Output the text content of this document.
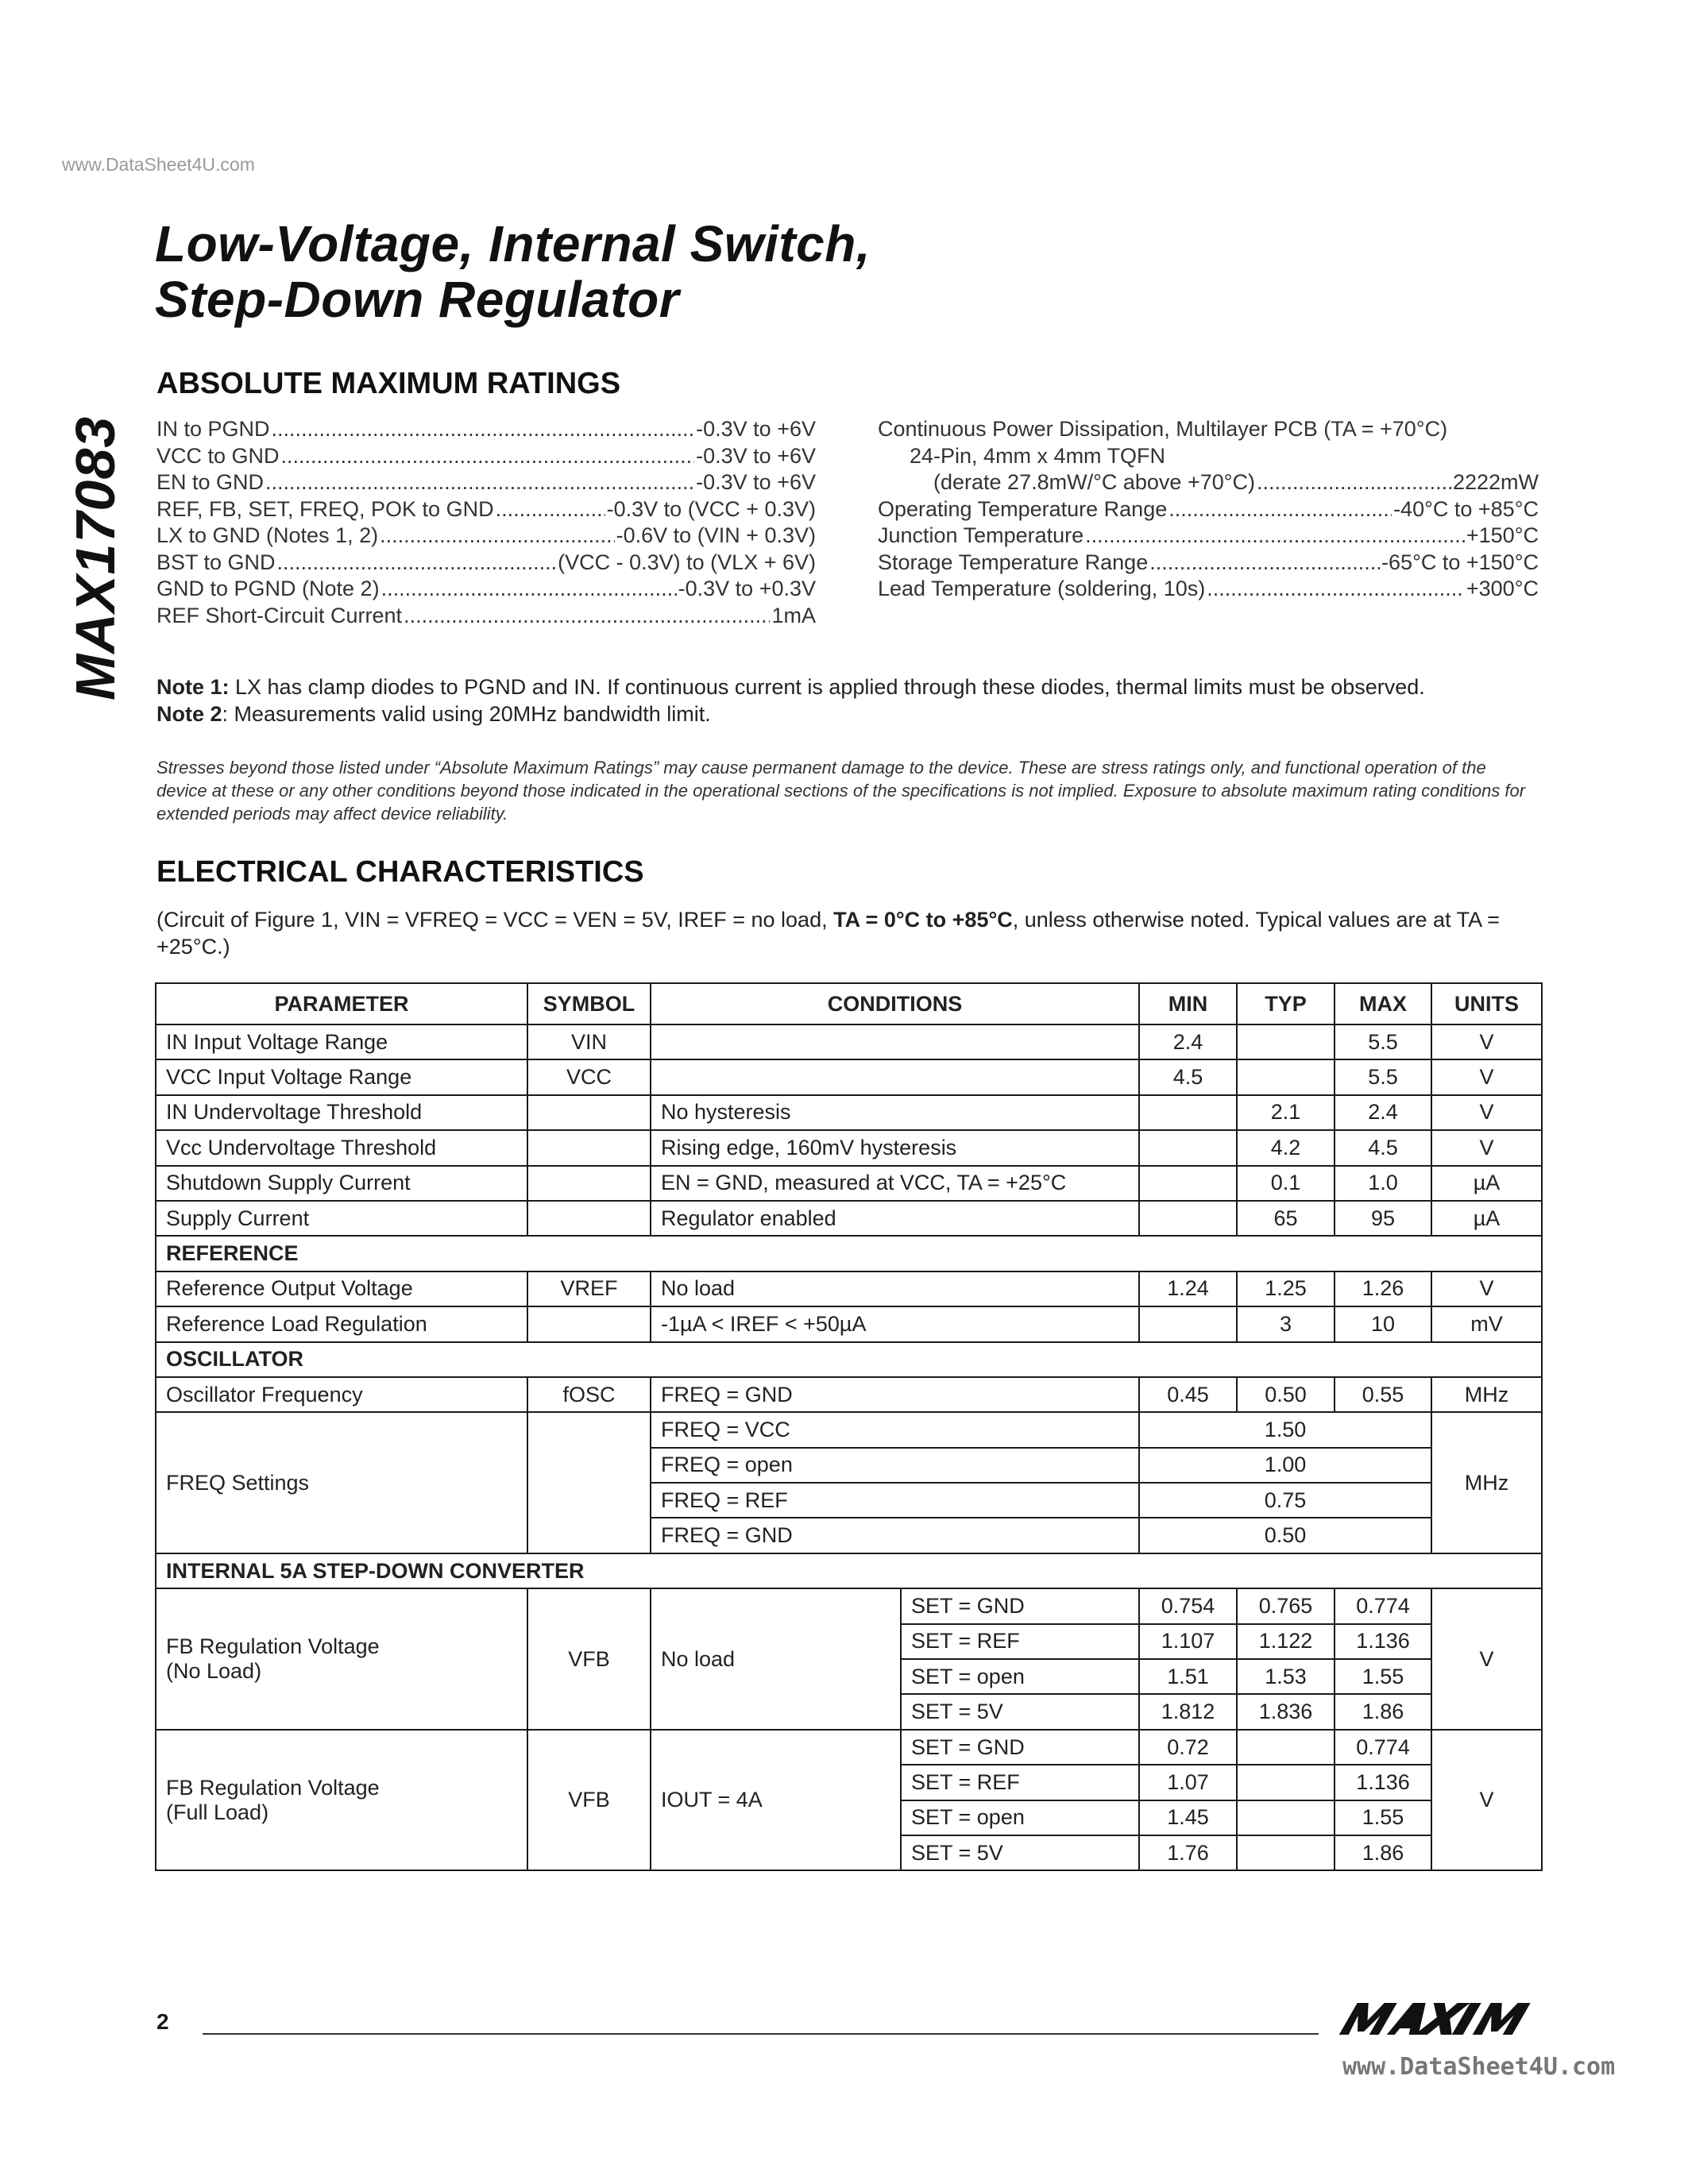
www.DataSheet4U.com
Low-Voltage, Internal Switch,
Step-Down Regulator
MAX17083
ABSOLUTE MAXIMUM RATINGS
IN to PGND .....	-0.3V to +6V
VCC to GND .....	-0.3V to +6V
EN to GND .....	-0.3V to +6V
REF, FB, SET, FREQ, POK to GND .....	-0.3V to (VCC + 0.3V)
LX to GND (Notes 1, 2) .....	-0.6V to (VIN + 0.3V)
BST to GND .....	(VCC - 0.3V) to (VLX + 6V)
GND to PGND (Note 2) .....	-0.3V to +0.3V
REF Short-Circuit Current .....	1mA
Continuous Power Dissipation, Multilayer PCB (TA = +70°C)
24-Pin, 4mm x 4mm TQFN
(derate 27.8mW/°C above +70°C) .....	2222mW
Operating Temperature Range .....	-40°C to +85°C
Junction Temperature .....	+150°C
Storage Temperature Range .....	-65°C to +150°C
Lead Temperature (soldering, 10s) .....	+300°C
Note 1: LX has clamp diodes to PGND and IN. If continuous current is applied through these diodes, thermal limits must be observed.
Note 2: Measurements valid using 20MHz bandwidth limit.
Stresses beyond those listed under “Absolute Maximum Ratings” may cause permanent damage to the device. These are stress ratings only, and functional operation of the device at these or any other conditions beyond those indicated in the operational sections of the specifications is not implied. Exposure to absolute maximum rating conditions for extended periods may affect device reliability.
ELECTRICAL CHARACTERISTICS
(Circuit of Figure 1, VIN = VFREQ = VCC = VEN = 5V, IREF = no load, TA = 0°C to +85°C, unless otherwise noted. Typical values are at TA = +25°C.)
PARAMETER	SYMBOL	CONDITIONS		MIN	TYP	MAX	UNITS
IN Input Voltage Range	VIN			2.4		5.5	V
VCC Input Voltage Range	VCC			4.5		5.5	V
IN Undervoltage Threshold		No hysteresis			2.1	2.4	V
Vcc Undervoltage Threshold		Rising edge, 160mV hysteresis			4.2	4.5	V
Shutdown Supply Current		EN = GND, measured at VCC, TA = +25°C			0.1	1.0	µA
Supply Current		Regulator enabled			65	95	µA
REFERENCE							
Reference Output Voltage	VREF	No load		1.24	1.25	1.26	V
Reference Load Regulation		-1µA < IREF < +50µA			3	10	mV
OSCILLATOR							
Oscillator Frequency	fOSC	FREQ = GND		0.45	0.50	0.55	MHz
FREQ Settings		FREQ = VCC		1.50			MHz
		FREQ = open		1.00			
		FREQ = REF		0.75			
		FREQ = GND		0.50			
INTERNAL 5A STEP-DOWN CONVERTER							

FB Regulation Voltage
(No Load)	VFB	No load	SET = GND	0.754	0.765	0.774	V
			SET = REF	1.107	1.122	1.136	
			SET = open	1.51	1.53	1.55	
			SET = 5V	1.812	1.836	1.86	

FB Regulation Voltage
(Full Load)	VFB	IOUT = 4A	SET = GND	0.72		0.774	V
			SET = REF	1.07		1.136	
			SET = open	1.45		1.55	
			SET = 5V	1.76		1.86	
2
www.DataSheet4U.com
